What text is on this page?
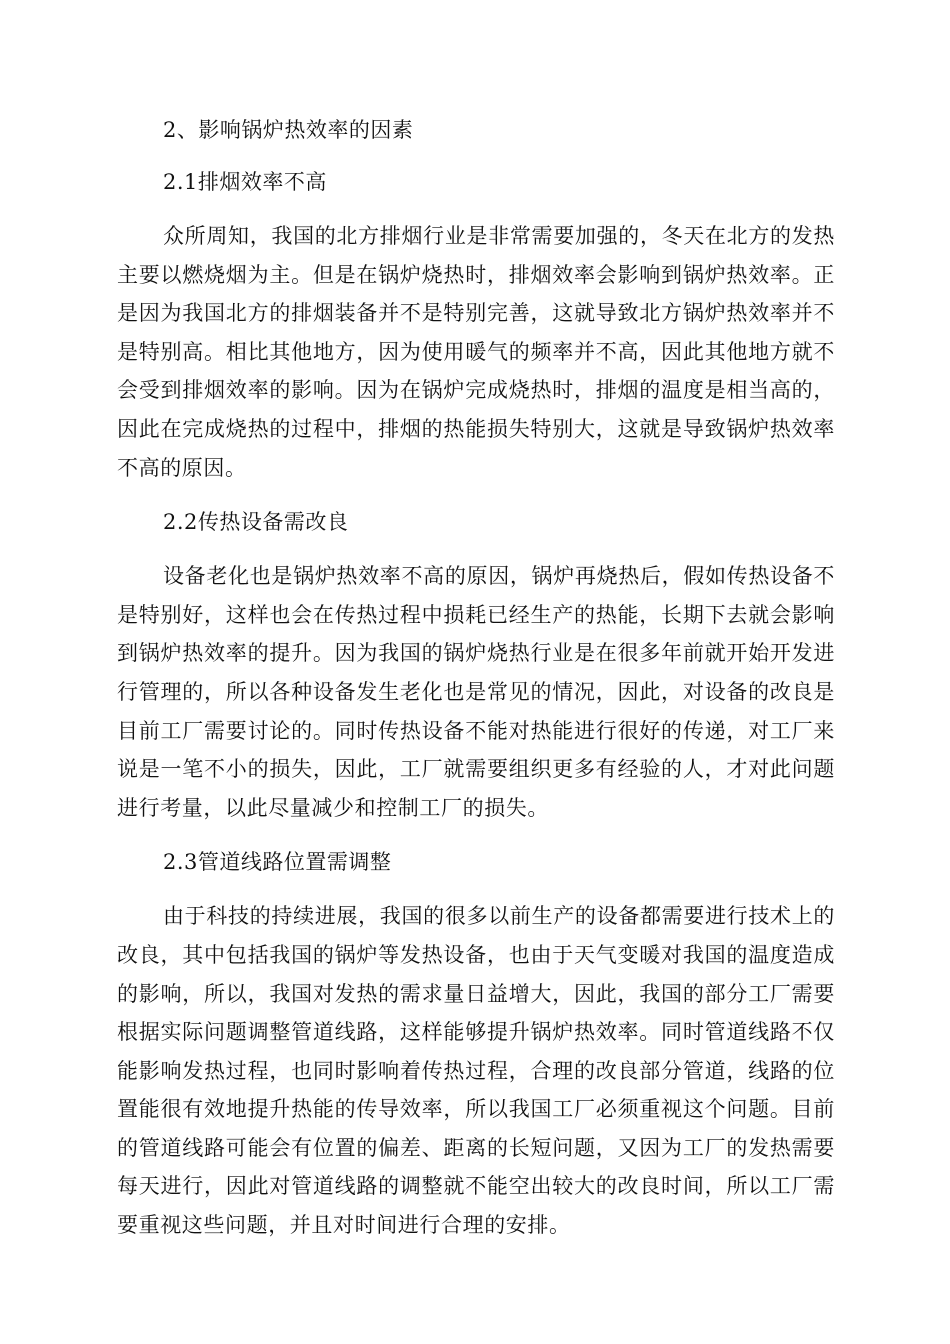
2、影响锅炉热效率的因素

2.1排烟效率不高

众所周知，我国的北方排烟行业是非常需要加强的，冬天在北方的发热主要以燃烧烟为主。但是在锅炉烧热时，排烟效率会影响到锅炉热效率。正是因为我国北方的排烟装备并不是特别完善，这就导致北方锅炉热效率并不是特别高。相比其他地方，因为使用暖气的频率并不高，因此其他地方就不会受到排烟效率的影响。因为在锅炉完成烧热时，排烟的温度是相当高的，因此在完成烧热的过程中，排烟的热能损失特别大，这就是导致锅炉热效率不高的原因。

2.2传热设备需改良

设备老化也是锅炉热效率不高的原因，锅炉再烧热后，假如传热设备不是特别好，这样也会在传热过程中损耗已经生产的热能，长期下去就会影响到锅炉热效率的提升。因为我国的锅炉烧热行业是在很多年前就开始开发进行管理的，所以各种设备发生老化也是常见的情况，因此，对设备的改良是目前工厂需要讨论的。同时传热设备不能对热能进行很好的传递，对工厂来说是一笔不小的损失，因此，工厂就需要组织更多有经验的人，才对此问题进行考量，以此尽量减少和控制工厂的损失。

2.3管道线路位置需调整

由于科技的持续进展，我国的很多以前生产的设备都需要进行技术上的改良，其中包括我国的锅炉等发热设备，也由于天气变暖对我国的温度造成的影响，所以，我国对发热的需求量日益增大，因此，我国的部分工厂需要根据实际问题调整管道线路，这样能够提升锅炉热效率。同时管道线路不仅能影响发热过程，也同时影响着传热过程，合理的改良部分管道，线路的位置能很有效地提升热能的传导效率，所以我国工厂必须重视这个问题。目前的管道线路可能会有位置的偏差、距离的长短问题，又因为工厂的发热需要每天进行，因此对管道线路的调整就不能空出较大的改良时间，所以工厂需要重视这些问题，并且对时间进行合理的安排。
